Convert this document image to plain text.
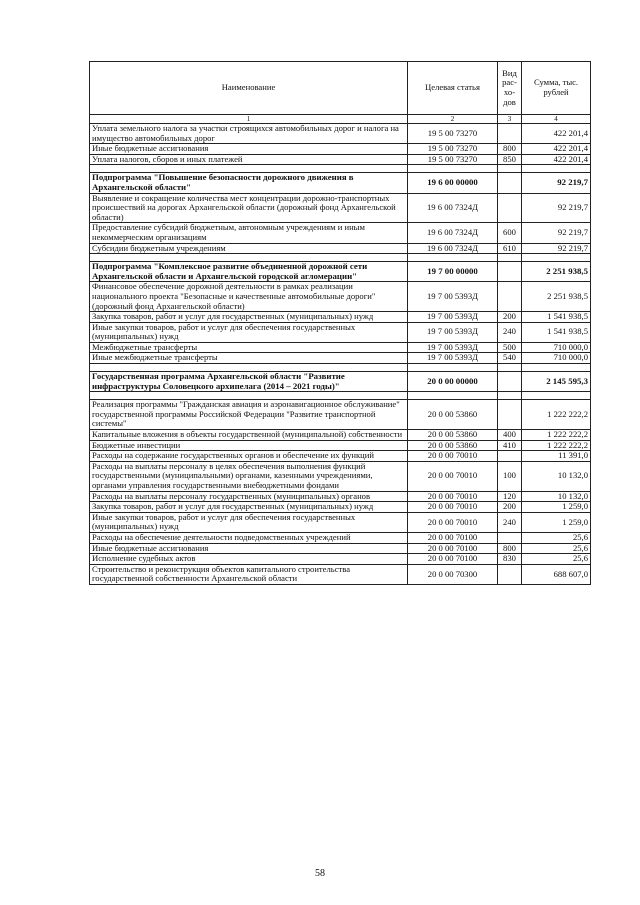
Наименование	Целевая статья	Вид рас-хо-дов	Сумма, тыс. рублей
1	2	3	4
Уплата земельного налога за участки строящихся автомобильных дорог и налога на имущество автомобильных дорог	19 5 00 73270		422 201,4
Иные бюджетные ассигнования	19 5 00 73270	800	422 201,4
Уплата налогов, сборов и иных платежей	19 5 00 73270	850	422 201,4

Подпрограмма "Повышение безопасности дорожного движения в Архангельской области"	19 6 00 00000		92 219,7
Выявление и сокращение количества мест концентрации дорожно-транспортных происшествий на дорогах Архангельской области (дорожный фонд Архангельской области)	19 6 00 7324Д		92 219,7
Предоставление субсидий бюджетным, автономным учреждениям и иным некоммерческим организациям	19 6 00 7324Д	600	92 219,7
Субсидии бюджетным учреждениям	19 6 00 7324Д	610	92 219,7

Подпрограмма "Комплексное развитие объединенной дорожной сети Архангельской области и Архангельской городской агломерации"	19 7 00 00000		2 251 938,5
Финансовое обеспечение дорожной деятельности в рамках реализации национального проекта "Безопасные и качественные автомобильные дороги" (дорожный фонд Архангельской области)	19 7 00 5393Д		2 251 938,5
Закупка товаров, работ и услуг для государственных (муниципальных) нужд	19 7 00 5393Д	200	1 541 938,5
Иные закупки товаров, работ и услуг для обеспечения государственных (муниципальных) нужд	19 7 00 5393Д	240	1 541 938,5
Межбюджетные трансферты	19 7 00 5393Д	500	710 000,0
Иные межбюджетные трансферты	19 7 00 5393Д	540	710 000,0

Государственная программа Архангельской области "Развитие инфраструктуры Соловецкого архипелага (2014 – 2021 годы)"	20 0 00 00000		2 145 595,3

Реализация программы "Гражданская авиация и аэронавигационное обслуживание" государственной программы Российской Федерации "Развитие транспортной системы"	20 0 00 53860		1 222 222,2
Капитальные вложения в объекты государственной (муниципальной) собственности	20 0 00 53860	400	1 222 222,2
Бюджетные инвестиции	20 0 00 53860	410	1 222 222,2
Расходы на содержание государственных органов и обеспечение их функций	20 0 00 70010		11 391,0
Расходы на выплаты персоналу в целях обеспечения выполнения функций государственными (муниципальными) органами, казенными учреждениями, органами управления государственными внебюджетными фондами	20 0 00 70010	100	10 132,0
Расходы на выплаты персоналу государственных (муниципальных) органов	20 0 00 70010	120	10 132,0
Закупка товаров, работ и услуг для государственных (муниципальных) нужд	20 0 00 70010	200	1 259,0
Иные закупки товаров, работ и услуг для обеспечения государственных (муниципальных) нужд	20 0 00 70010	240	1 259,0
Расходы на обеспечение деятельности подведомственных учреждений	20 0 00 70100		25,6
Иные бюджетные ассигнования	20 0 00 70100	800	25,6
Исполнение судебных актов	20 0 00 70100	830	25,6
Строительство и реконструкция объектов капитального строительства государственной собственности Архангельской области	20 0 00 70300		688 607,0
58
